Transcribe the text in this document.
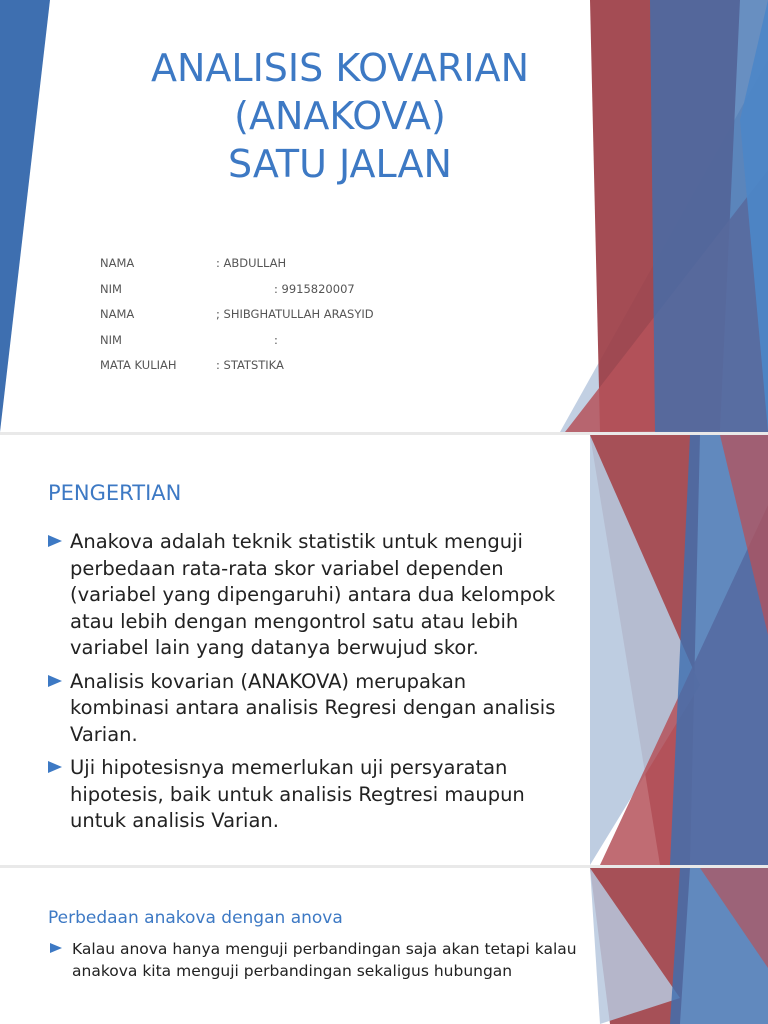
ANALISIS KOVARIAN
(ANAKOVA)
SATU JALAN
NAMA	: ABDULLAH
NIM	: 9915820007
NAMA	; SHIBGHATULLAH ARASYID
NIM	:
MATA KULIAH	: STATSTIKA
PENGERTIAN
Anakova adalah teknik statistik untuk menguji perbedaan rata-rata skor variabel dependen (variabel yang dipengaruhi) antara dua kelompok atau lebih dengan mengontrol satu atau lebih variabel lain yang datanya berwujud skor.
Analisis kovarian (ANAKOVA) merupakan kombinasi antara analisis Regresi dengan analisis Varian.
Uji hipotesisnya memerlukan uji persyaratan hipotesis, baik untuk analisis Regtresi maupun untuk analisis Varian.
Perbedaan anakova dengan anova
Kalau anova hanya menguji perbandingan saja akan tetapi kalau anakova kita menguji perbandingan sekaligus hubungan
